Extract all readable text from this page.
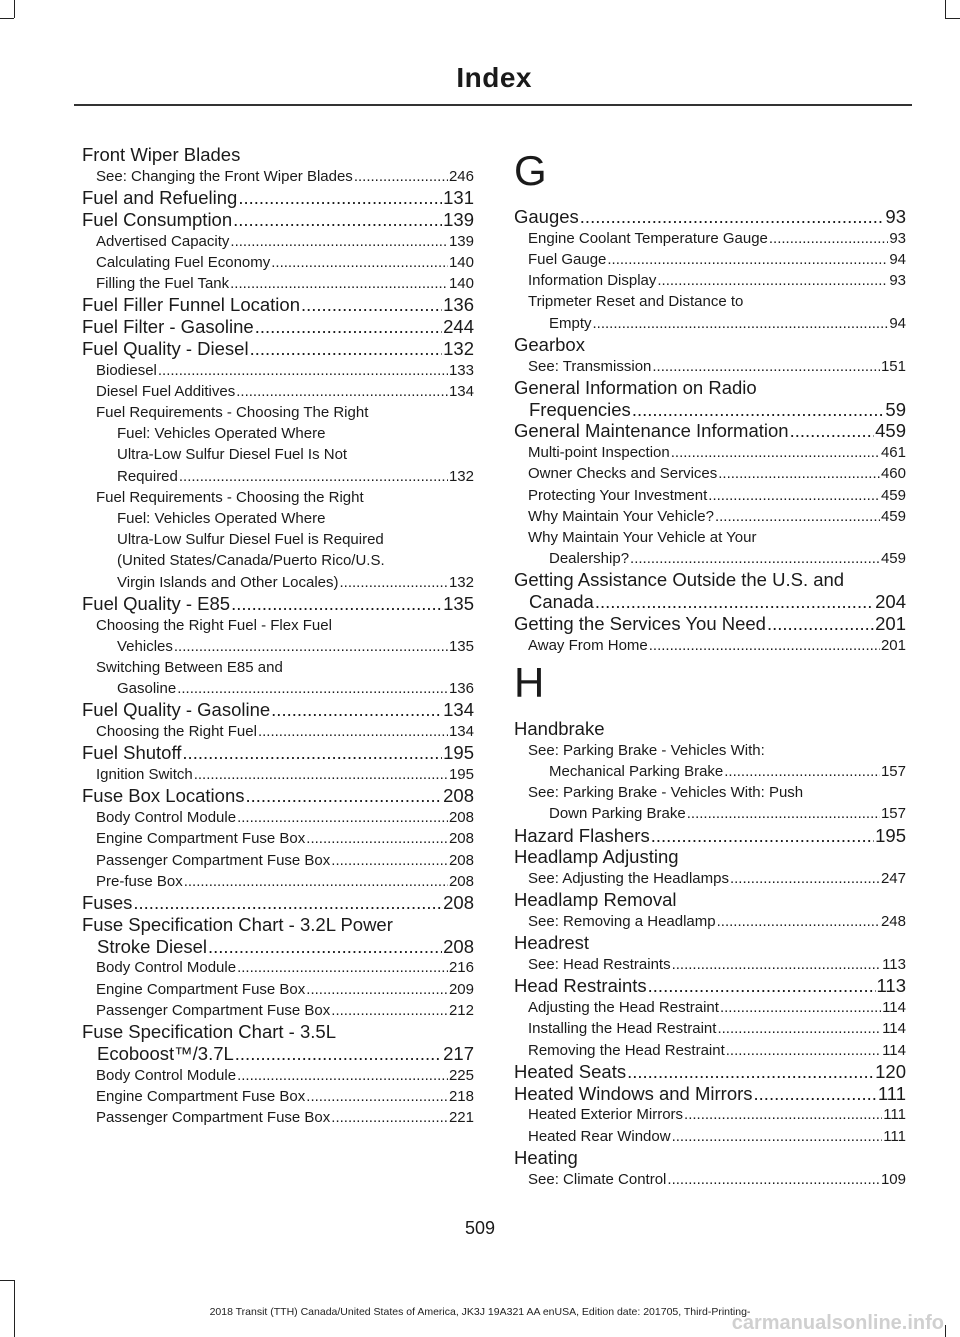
Index
Front Wiper Blades
See: Changing the Front Wiper Blades .....	246
Fuel and Refueling .....	131
Fuel Consumption .....	139
Advertised Capacity .....	139
Calculating Fuel Economy .....	140
Filling the Fuel Tank .....	140
Fuel Filler Funnel Location .....	136
Fuel Filter - Gasoline .....	244
Fuel Quality - Diesel .....	132
Biodiesel .....	133
Diesel Fuel Additives .....	134
Fuel Requirements - Choosing The Right
Fuel: Vehicles Operated Where
Ultra-Low Sulfur Diesel Fuel Is Not
Required .....	132
Fuel Requirements - Choosing the Right
Fuel: Vehicles Operated Where
Ultra-Low Sulfur Diesel Fuel is Required
(United States/Canada/Puerto Rico/U.S.
Virgin Islands and Other Locales) .....	132
Fuel Quality - E85 .....	135
Choosing the Right Fuel - Flex Fuel
Vehicles .....	135
Switching Between E85 and
Gasoline .....	136
Fuel Quality - Gasoline .....	134
Choosing the Right Fuel .....	134
Fuel Shutoff .....	195
Ignition Switch .....	195
Fuse Box Locations .....	208
Body Control Module .....	208
Engine Compartment Fuse Box .....	208
Passenger Compartment Fuse Box .....	208
Pre-fuse Box .....	208
Fuses .....	208
Fuse Specification Chart - 3.2L Power
Stroke Diesel .....	208
Body Control Module .....	216
Engine Compartment Fuse Box .....	209
Passenger Compartment Fuse Box .....	212
Fuse Specification Chart - 3.5L
Ecoboost™/3.7L .....	217
Body Control Module .....	225
Engine Compartment Fuse Box .....	218
Passenger Compartment Fuse Box .....	221
G
Gauges .....	93
Engine Coolant Temperature Gauge .....	93
Fuel Gauge .....	94
Information Display .....	93
Tripmeter Reset and Distance to
Empty .....	94
Gearbox
See: Transmission .....	151
General Information on Radio
Frequencies .....	59
General Maintenance Information .....	459
Multi-point Inspection .....	461
Owner Checks and Services .....	460
Protecting Your Investment .....	459
Why Maintain Your Vehicle? .....	459
Why Maintain Your Vehicle at Your
Dealership? .....	459
Getting Assistance Outside the U.S. and
Canada .....	204
Getting the Services You Need .....	201
Away From Home .....	201
H
Handbrake
See: Parking Brake - Vehicles With:
Mechanical Parking Brake .....	157
See: Parking Brake - Vehicles With: Push
Down Parking Brake .....	157
Hazard Flashers .....	195
Headlamp Adjusting
See: Adjusting the Headlamps .....	247
Headlamp Removal
See: Removing a Headlamp .....	248
Headrest
See: Head Restraints .....	113
Head Restraints .....	113
Adjusting the Head Restraint .....	114
Installing the Head Restraint .....	114
Removing the Head Restraint .....	114
Heated Seats .....	120
Heated Windows and Mirrors .....	111
Heated Exterior Mirrors .....	111
Heated Rear Window .....	111
Heating
See: Climate Control .....	109
509
2018 Transit (TTH) Canada/United States of America, JK3J 19A321 AA enUSA, Edition date: 201705, Third-Printing-
carmanualsonline.info
